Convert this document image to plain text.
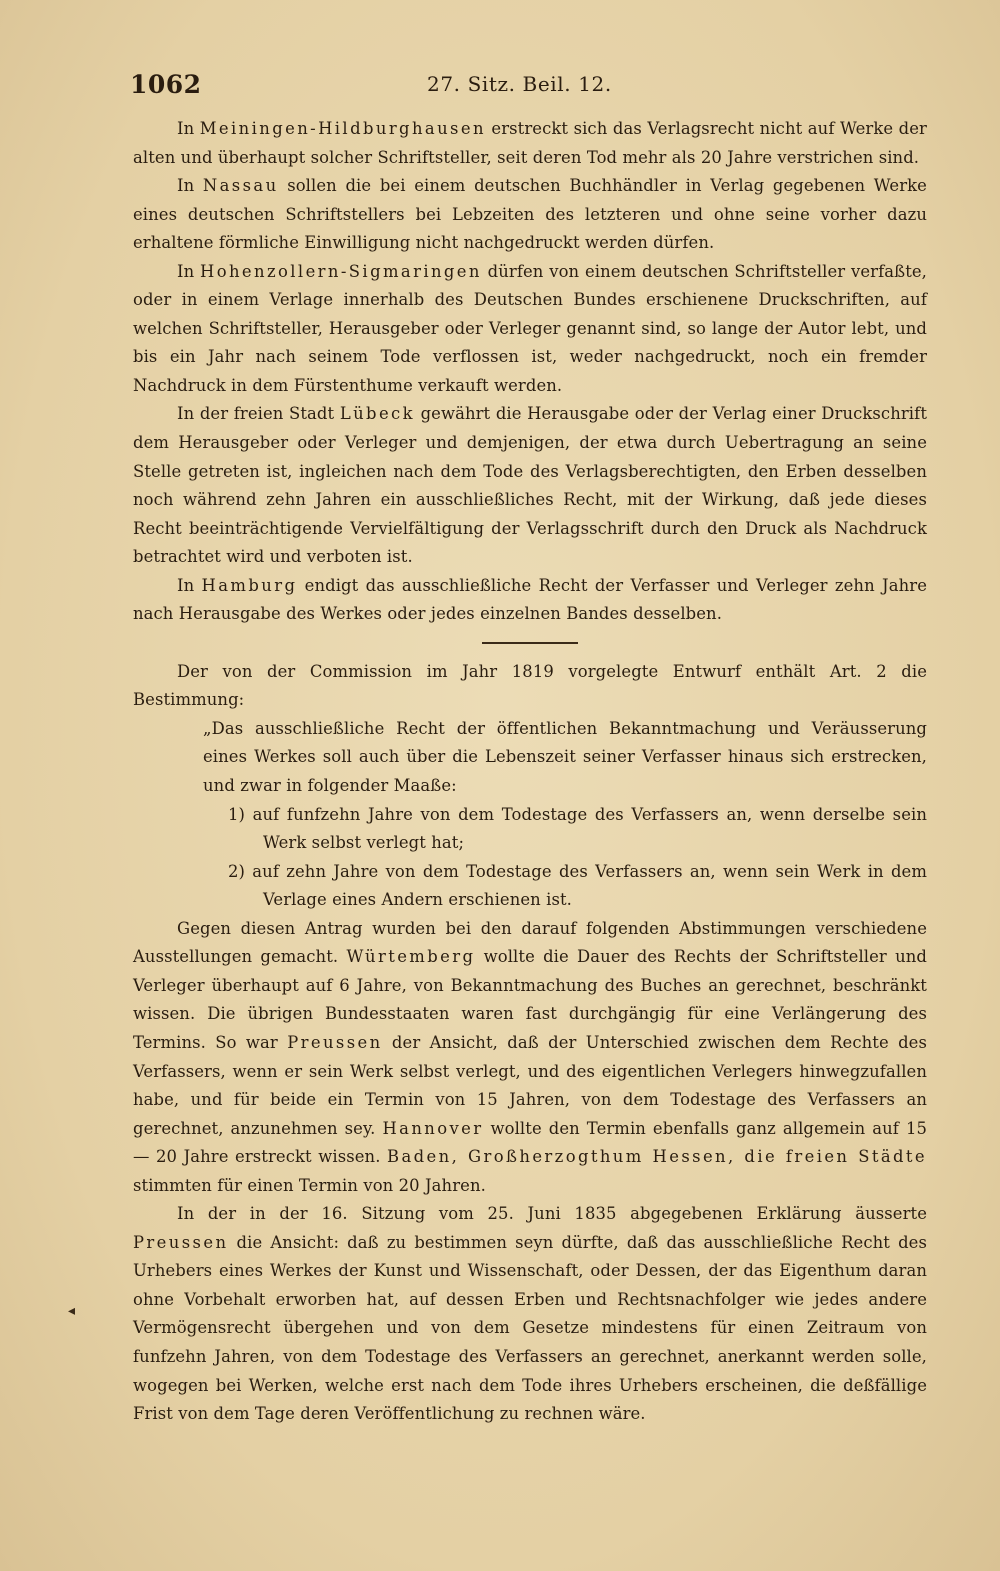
1062	27. Sitz. Beil. 12.

In Meiningen-Hildburghausen erstreckt sich das Verlagsrecht nicht auf Werke der alten und überhaupt solcher Schriftsteller, seit deren Tod mehr als 20 Jahre verstrichen sind.

In Nassau sollen die bei einem deutschen Buchhändler in Verlag gegebenen Werke eines deutschen Schriftstellers bei Lebzeiten des letzteren und ohne seine vorher dazu erhaltene förmliche Einwilligung nicht nachgedruckt werden dürfen.

In Hohenzollern-Sigmaringen dürfen von einem deutschen Schriftsteller verfaßte, oder in einem Verlage innerhalb des Deutschen Bundes erschienene Druckschriften, auf welchen Schriftsteller, Herausgeber oder Verleger genannt sind, so lange der Autor lebt, und bis ein Jahr nach seinem Tode verflossen ist, weder nachgedruckt, noch ein fremder Nachdruck in dem Fürstenthume verkauft werden.

In der freien Stadt Lübeck gewährt die Herausgabe oder der Verlag einer Druckschrift dem Herausgeber oder Verleger und demjenigen, der etwa durch Uebertragung an seine Stelle getreten ist, ingleichen nach dem Tode des Verlagsberechtigten, den Erben desselben noch während zehn Jahren ein ausschließliches Recht, mit der Wirkung, daß jede dieses Recht beeinträchtigende Vervielfältigung der Verlagsschrift durch den Druck als Nachdruck betrachtet wird und verboten ist.

In Hamburg endigt das ausschließliche Recht der Verfasser und Verleger zehn Jahre nach Herausgabe des Werkes oder jedes einzelnen Bandes desselben.

Der von der Commission im Jahr 1819 vorgelegte Entwurf enthält Art. 2 die Bestimmung:

„Das ausschließliche Recht der öffentlichen Bekanntmachung und Veräusserung eines Werkes soll auch über die Lebenszeit seiner Verfasser hinaus sich erstrecken, und zwar in folgender Maaße:

1) auf funfzehn Jahre von dem Todestage des Verfassers an, wenn derselbe sein Werk selbst verlegt hat;

2) auf zehn Jahre von dem Todestage des Verfassers an, wenn sein Werk in dem Verlage eines Andern erschienen ist.

Gegen diesen Antrag wurden bei den darauf folgenden Abstimmungen verschiedene Ausstellungen gemacht. Würtemberg wollte die Dauer des Rechts der Schriftsteller und Verleger überhaupt auf 6 Jahre, von Bekanntmachung des Buches an gerechnet, beschränkt wissen. Die übrigen Bundesstaaten waren fast durchgängig für eine Verlängerung des Termins. So war Preussen der Ansicht, daß der Unterschied zwischen dem Rechte des Verfassers, wenn er sein Werk selbst verlegt, und des eigentlichen Verlegers hinwegzufallen habe, und für beide ein Termin von 15 Jahren, von dem Todestage des Verfassers an gerechnet, anzunehmen sey. Hannover wollte den Termin ebenfalls ganz allgemein auf 15 — 20 Jahre erstreckt wissen. Baden, Großherzogthum Hessen, die freien Städte stimmten für einen Termin von 20 Jahren.

In der in der 16. Sitzung vom 25. Juni 1835 abgegebenen Erklärung äusserte Preussen die Ansicht: daß zu bestimmen seyn dürfte, daß das ausschließliche Recht des Urhebers eines Werkes der Kunst und Wissenschaft, oder Dessen, der das Eigenthum daran ohne Vorbehalt erworben hat, auf dessen Erben und Rechtsnachfolger wie jedes andere Vermögensrecht übergehen und von dem Gesetze mindestens für einen Zeitraum von funfzehn Jahren, von dem Todestage des Verfassers an gerechnet, anerkannt werden solle, wogegen bei Werken, welche erst nach dem Tode ihres Urhebers erscheinen, die deßfällige Frist von dem Tage deren Veröffentlichung zu rechnen wäre.

◂
